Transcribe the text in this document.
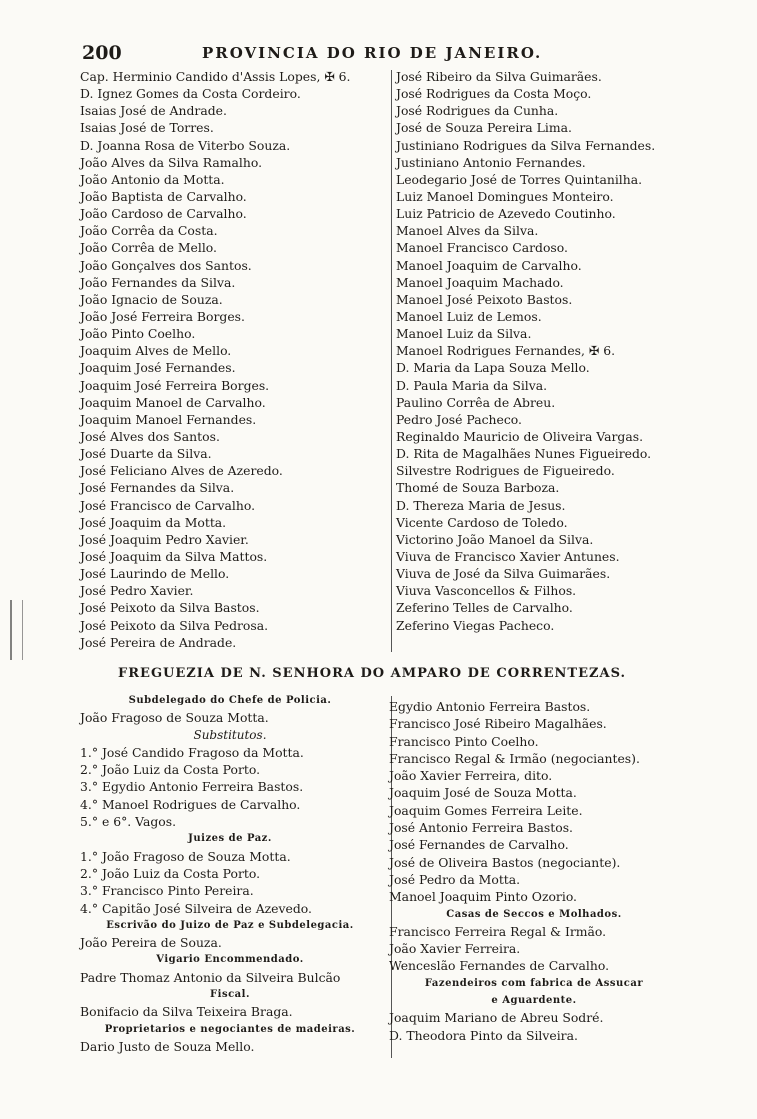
200	PROVINCIA DO RIO DE JANEIRO.
Cap. Herminio Candido d'Assis Lopes, ✠ 6.
D. Ignez Gomes da Costa Cordeiro.
Isaias José de Andrade.
Isaias José de Torres.
D. Joanna Rosa de Viterbo Souza.
João Alves da Silva Ramalho.
João Antonio da Motta.
João Baptista de Carvalho.
João Cardoso de Carvalho.
João Corrêa da Costa.
João Corrêa de Mello.
João Gonçalves dos Santos.
João Fernandes da Silva.
João Ignacio de Souza.
João José Ferreira Borges.
João Pinto Coelho.
Joaquim Alves de Mello.
Joaquim José Fernandes.
Joaquim José Ferreira Borges.
Joaquim Manoel de Carvalho.
Joaquim Manoel Fernandes.
José Alves dos Santos.
José Duarte da Silva.
José Feliciano Alves de Azeredo.
José Fernandes da Silva.
José Francisco de Carvalho.
José Joaquim da Motta.
José Joaquim Pedro Xavier.
José Joaquim da Silva Mattos.
José Laurindo de Mello.
José Pedro Xavier.
José Peixoto da Silva Bastos.
José Peixoto da Silva Pedrosa.
José Pereira de Andrade.
José Ribeiro da Silva Guimarães.
José Rodrigues da Costa Moço.
José Rodrigues da Cunha.
José de Souza Pereira Lima.
Justiniano Rodrigues da Silva Fernandes.
Justiniano Antonio Fernandes.
Leodegario José de Torres Quintanilha.
Luiz Manoel Domingues Monteiro.
Luiz Patricio de Azevedo Coutinho.
Manoel Alves da Silva.
Manoel Francisco Cardoso.
Manoel Joaquim de Carvalho.
Manoel Joaquim Machado.
Manoel José Peixoto Bastos.
Manoel Luiz de Lemos.
Manoel Luiz da Silva.
Manoel Rodrigues Fernandes, ✠ 6.
D. Maria da Lapa Souza Mello.
D. Paula Maria da Silva.
Paulino Corrêa de Abreu.
Pedro José Pacheco.
Reginaldo Mauricio de Oliveira Vargas.
D. Rita de Magalhães Nunes Figueiredo.
Silvestre Rodrigues de Figueiredo.
Thomé de Souza Barboza.
D. Thereza Maria de Jesus.
Vicente Cardoso de Toledo.
Victorino João Manoel da Silva.
Viuva de Francisco Xavier Antunes.
Viuva de José da Silva Guimarães.
Viuva Vasconcellos & Filhos.
Zeferino Telles de Carvalho.
Zeferino Viegas Pacheco.
FREGUEZIA DE N. SENHORA DO AMPARO DE CORRENTEZAS.
Subdelegado do Chefe de Policia.
João Fragoso de Souza Motta.
Substitutos.
1.° José Candido Fragoso da Motta.
2.° João Luiz da Costa Porto.
3.° Egydio Antonio Ferreira Bastos.
4.° Manoel Rodrigues de Carvalho.
5.° e 6°. Vagos.
Juizes de Paz.
1.° João Fragoso de Souza Motta.
2.° João Luiz da Costa Porto.
3.° Francisco Pinto Pereira.
4.° Capitão José Silveira de Azevedo.
Escrivão do Juizo de Paz e Subdelegacia.
João Pereira de Souza.
Vigario Encommendado.
Padre Thomaz Antonio da Silveira Bulcão
Fiscal.
Bonifacio da Silva Teixeira Braga.
Proprietarios e negociantes de madeiras.
Dario Justo de Souza Mello.
Egydio Antonio Ferreira Bastos.
Francisco José Ribeiro Magalhães.
Francisco Pinto Coelho.
Francisco Regal & Irmão (negociantes).
João Xavier Ferreira, dito.
Joaquim José de Souza Motta.
Joaquim Gomes Ferreira Leite.
José Antonio Ferreira Bastos.
José Fernandes de Carvalho.
José de Oliveira Bastos (negociante).
José Pedro da Motta.
Manoel Joaquim Pinto Ozorio.
Casas de Seccos e Molhados.
Francisco Ferreira Regal & Irmão.
João Xavier Ferreira.
Wenceslão Fernandes de Carvalho.
Fazendeiros com fabrica de Assucar
e Aguardente.
Joaquim Mariano de Abreu Sodré.
D. Theodora Pinto da Silveira.
